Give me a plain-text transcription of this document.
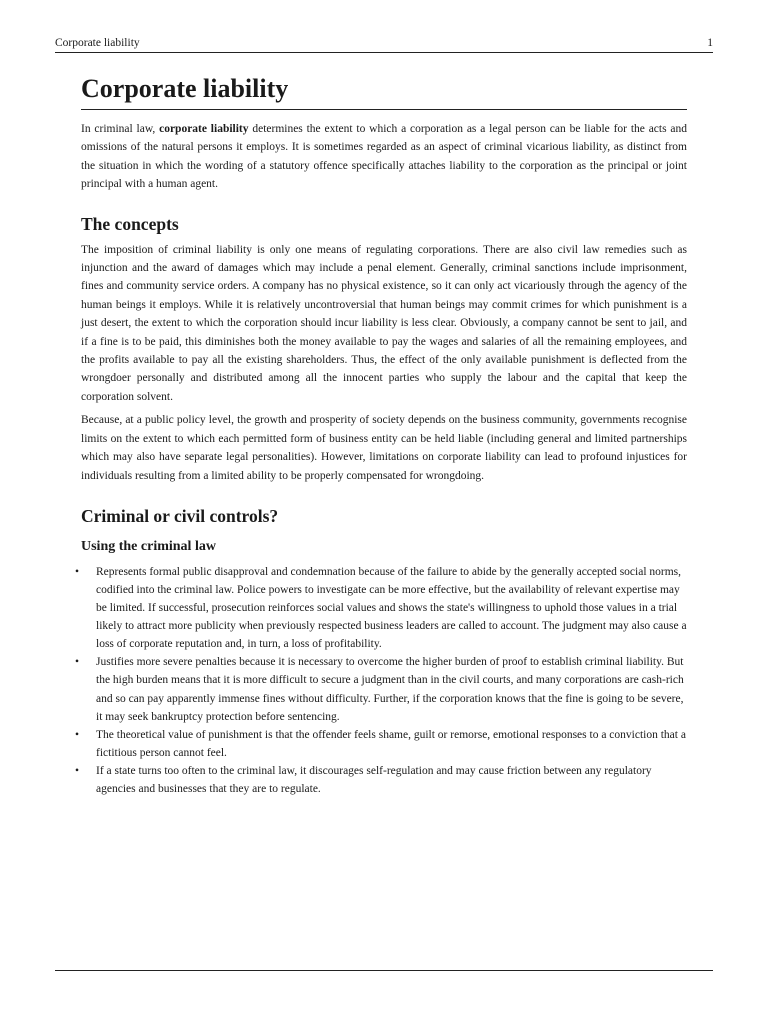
Corporate liability	1
Corporate liability

In criminal law, corporate liability determines the extent to which a corporation as a legal person can be liable for the acts and omissions of the natural persons it employs. It is sometimes regarded as an aspect of criminal vicarious liability, as distinct from the situation in which the wording of a statutory offence specifically attaches liability to the corporation as the principal or joint principal with a human agent.

The concepts

The imposition of criminal liability is only one means of regulating corporations. There are also civil law remedies such as injunction and the award of damages which may include a penal element. Generally, criminal sanctions include imprisonment, fines and community service orders. A company has no physical existence, so it can only act vicariously through the agency of the human beings it employs. While it is relatively uncontroversial that human beings may commit crimes for which punishment is a just desert, the extent to which the corporation should incur liability is less clear. Obviously, a company cannot be sent to jail, and if a fine is to be paid, this diminishes both the money available to pay the wages and salaries of all the remaining employees, and the profits available to pay all the existing shareholders. Thus, the effect of the only available punishment is deflected from the wrongdoer personally and distributed among all the innocent parties who supply the labour and the capital that keep the corporation solvent.

Because, at a public policy level, the growth and prosperity of society depends on the business community, governments recognise limits on the extent to which each permitted form of business entity can be held liable (including general and limited partnerships which may also have separate legal personalities). However, limitations on corporate liability can lead to profound injustices for individuals resulting from a limited ability to be properly compensated for wrongdoing.

Criminal or civil controls?
Using the criminal law
• Represents formal public disapproval and condemnation because of the failure to abide by the generally accepted social norms, codified into the criminal law. Police powers to investigate can be more effective, but the availability of relevant expertise may be limited. If successful, prosecution reinforces social values and shows the state's willingness to uphold those values in a trial likely to attract more publicity when previously respected business leaders are called to account. The judgment may also cause a loss of corporate reputation and, in turn, a loss of profitability.
• Justifies more severe penalties because it is necessary to overcome the higher burden of proof to establish criminal liability. But the high burden means that it is more difficult to secure a judgment than in the civil courts, and many corporations are cash-rich and so can pay apparently immense fines without difficulty. Further, if the corporation knows that the fine is going to be severe, it may seek bankruptcy protection before sentencing.
• The theoretical value of punishment is that the offender feels shame, guilt or remorse, emotional responses to a conviction that a fictitious person cannot feel.
• If a state turns too often to the criminal law, it discourages self-regulation and may cause friction between any regulatory agencies and businesses that they are to regulate.
